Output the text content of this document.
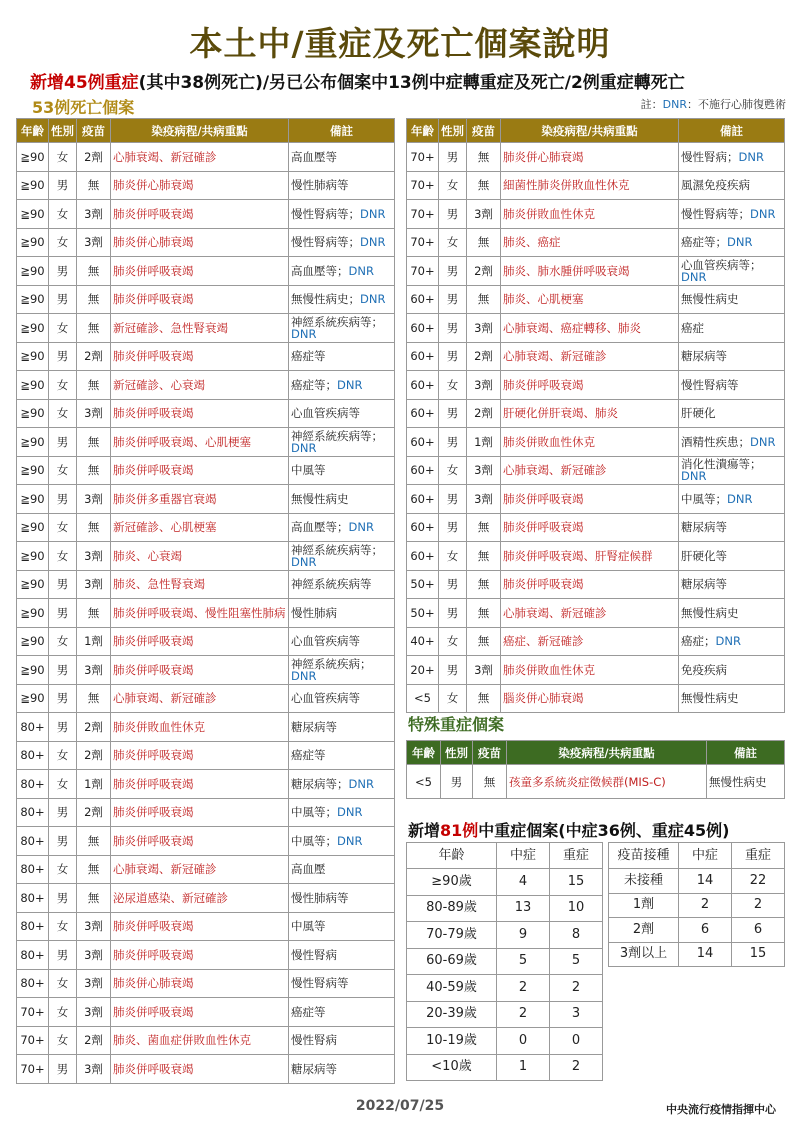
本土中/重症及死亡個案說明
新增45例重症(其中38例死亡)/另已公布個案中13例中症轉重症及死亡/2例重症轉死亡
53例死亡個案	註：DNR：不施行心肺復甦術
年齡	性別	疫苗	染疫病程/共病重點	備註
≧90	女	2劑	心肺衰竭、新冠確診	高血壓等
≧90	男	無	肺炎併心肺衰竭	慢性肺病等
≧90	女	3劑	肺炎併呼吸衰竭	慢性腎病等；DNR
≧90	女	3劑	肺炎併心肺衰竭	慢性腎病等；DNR
≧90	男	無	肺炎併呼吸衰竭	高血壓等；DNR
≧90	男	無	肺炎併呼吸衰竭	無慢性病史；DNR
≧90	女	無	新冠確診、急性腎衰竭	神經系統疾病等；DNR
≧90	男	2劑	肺炎併呼吸衰竭	癌症等
≧90	女	無	新冠確診、心衰竭	癌症等；DNR
≧90	女	3劑	肺炎併呼吸衰竭	心血管疾病等
≧90	男	無	肺炎併呼吸衰竭、心肌梗塞	神經系統疾病等；DNR
≧90	女	無	肺炎併呼吸衰竭	中風等
≧90	男	3劑	肺炎併多重器官衰竭	無慢性病史
≧90	女	無	新冠確診、心肌梗塞	高血壓等；DNR
≧90	女	3劑	肺炎、心衰竭	神經系統疾病等；DNR
≧90	男	3劑	肺炎、急性腎衰竭	神經系統疾病等
≧90	男	無	肺炎併呼吸衰竭、慢性阻塞性肺病	慢性肺病
≧90	女	1劑	肺炎併呼吸衰竭	心血管疾病等
≧90	男	3劑	肺炎併呼吸衰竭	神經系統疾病；DNR
≧90	男	無	心肺衰竭、新冠確診	心血管疾病等
80+	男	2劑	肺炎併敗血性休克	糖尿病等
80+	女	2劑	肺炎併呼吸衰竭	癌症等
80+	女	1劑	肺炎併呼吸衰竭	糖尿病等；DNR
80+	男	2劑	肺炎併呼吸衰竭	中風等；DNR
80+	男	無	肺炎併呼吸衰竭	中風等；DNR
80+	女	無	心肺衰竭、新冠確診	高血壓
80+	男	無	泌尿道感染、新冠確診	慢性肺病等
80+	女	3劑	肺炎併呼吸衰竭	中風等
80+	男	3劑	肺炎併呼吸衰竭	慢性腎病
80+	女	3劑	肺炎併心肺衰竭	慢性腎病等
70+	女	3劑	肺炎併呼吸衰竭	癌症等
70+	女	2劑	肺炎、菌血症併敗血性休克	慢性腎病
70+	男	3劑	肺炎併呼吸衰竭	糖尿病等
年齡	性別	疫苗	染疫病程/共病重點	備註
70+	男	無	肺炎併心肺衰竭	慢性腎病；DNR
70+	女	無	細菌性肺炎併敗血性休克	風濕免疫疾病
70+	男	3劑	肺炎併敗血性休克	慢性腎病等；DNR
70+	女	無	肺炎、癌症	癌症等；DNR
70+	男	2劑	肺炎、肺水腫併呼吸衰竭	心血管疾病等；DNR
60+	男	無	肺炎、心肌梗塞	無慢性病史
60+	男	3劑	心肺衰竭、癌症轉移、肺炎	癌症
60+	男	2劑	心肺衰竭、新冠確診	糖尿病等
60+	女	3劑	肺炎併呼吸衰竭	慢性腎病等
60+	男	2劑	肝硬化併肝衰竭、肺炎	肝硬化
60+	男	1劑	肺炎併敗血性休克	酒精性疾患；DNR
60+	女	3劑	心肺衰竭、新冠確診	消化性潰瘍等；DNR
60+	男	3劑	肺炎併呼吸衰竭	中風等；DNR
60+	男	無	肺炎併呼吸衰竭	糖尿病等
60+	女	無	肺炎併呼吸衰竭、肝腎症候群	肝硬化等
50+	男	無	肺炎併呼吸衰竭	糖尿病等
50+	男	無	心肺衰竭、新冠確診	無慢性病史
40+	女	無	癌症、新冠確診	癌症；DNR
20+	男	3劑	肺炎併敗血性休克	免疫疾病
<5	女	無	腦炎併心肺衰竭	無慢性病史
特殊重症個案
年齡	性別	疫苗	染疫病程/共病重點	備註
<5	男	無	孩童多系統炎症徵候群(MIS-C)	無慢性病史
新增81例中重症個案(中症36例、重症45例)
年齡	中症	重症
≥90歲	4	15
80-89歲	13	10
70-79歲	9	8
60-69歲	5	5
40-59歲	2	2
20-39歲	2	3
10-19歲	0	0
<10歲	1	2
疫苗接種	中症	重症
未接種	14	22
1劑	2	2
2劑	6	6
3劑以上	14	15
2022/07/25	中央流行疫情指揮中心
